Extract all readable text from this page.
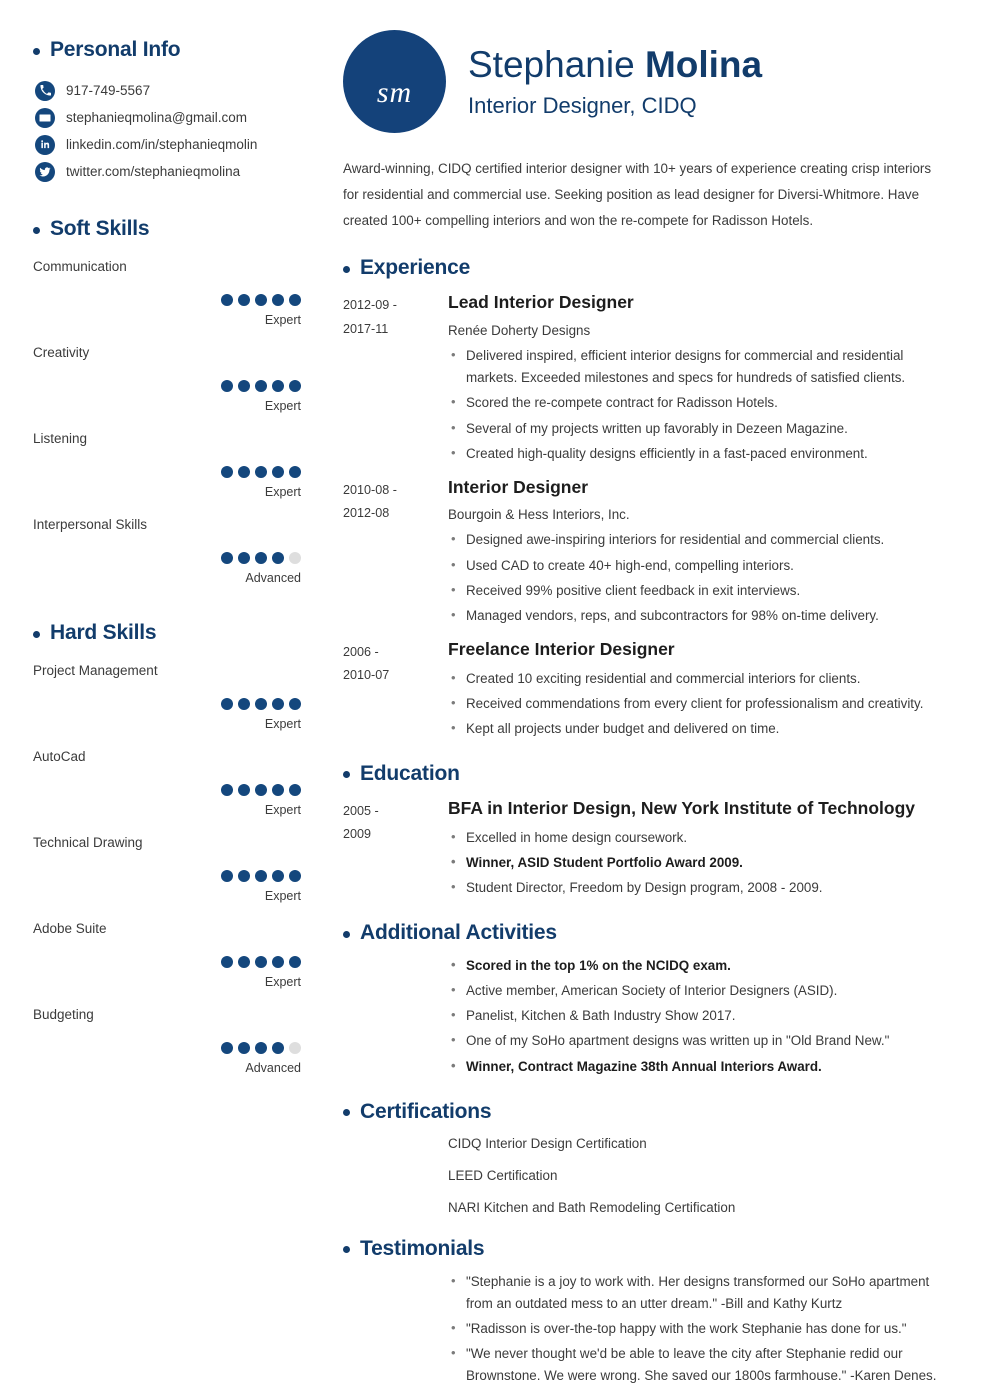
Personal Info
917-749-5567
stephanieqmolina@gmail.com
linkedin.com/in/stephanieqmolin
twitter.com/stephanieqmolina
Soft Skills
Communication
Expert
Creativity
Expert
Listening
Expert
Interpersonal Skills
Advanced
Hard Skills
Project Management
Expert
AutoCad
Expert
Technical Drawing
Expert
Adobe Suite
Expert
Budgeting
Advanced
sm
Stephanie Molina
Interior Designer, CIDQ
Award-winning, CIDQ certified interior designer with 10+ years of experience creating crisp interiors for residential and commercial use. Seeking position as lead designer for Diversi-Whitmore. Have created 100+ compelling interiors and won the re-compete for Radisson Hotels.
Experience
2012-09 -
2017-11
Lead Interior Designer
Renée Doherty Designs
• Delivered inspired, efficient interior designs for commercial and residential markets. Exceeded milestones and specs for hundreds of satisfied clients.
• Scored the re-compete contract for Radisson Hotels.
• Several of my projects written up favorably in Dezeen Magazine.
• Created high-quality designs efficiently in a fast-paced environment.
2010-08 -
2012-08
Interior Designer
Bourgoin & Hess Interiors, Inc.
• Designed awe-inspiring interiors for residential and commercial clients.
• Used CAD to create 40+ high-end, compelling interiors.
• Received 99% positive client feedback in exit interviews.
• Managed vendors, reps, and subcontractors for 98% on-time delivery.
2006 -
2010-07
Freelance Interior Designer
• Created 10 exciting residential and commercial interiors for clients.
• Received commendations from every client for professionalism and creativity.
• Kept all projects under budget and delivered on time.
Education
2005 -
2009
BFA in Interior Design, New York Institute of Technology
• Excelled in home design coursework.
• Winner, ASID Student Portfolio Award 2009.
• Student Director, Freedom by Design program, 2008 - 2009.
Additional Activities
• Scored in the top 1% on the NCIDQ exam.
• Active member, American Society of Interior Designers (ASID).
• Panelist, Kitchen & Bath Industry Show 2017.
• One of my SoHo apartment designs was written up in "Old Brand New."
• Winner, Contract Magazine 38th Annual Interiors Award.
Certifications
CIDQ Interior Design Certification
LEED Certification
NARI Kitchen and Bath Remodeling Certification
Testimonials
• "Stephanie is a joy to work with. Her designs transformed our SoHo apartment from an outdated mess to an utter dream." -Bill and Kathy Kurtz
• "Radisson is over-the-top happy with the work Stephanie has done for us."
• "We never thought we'd be able to leave the city after Stephanie redid our Brownstone. We were wrong. She saved our 1800s farmhouse." -Karen Denes.
